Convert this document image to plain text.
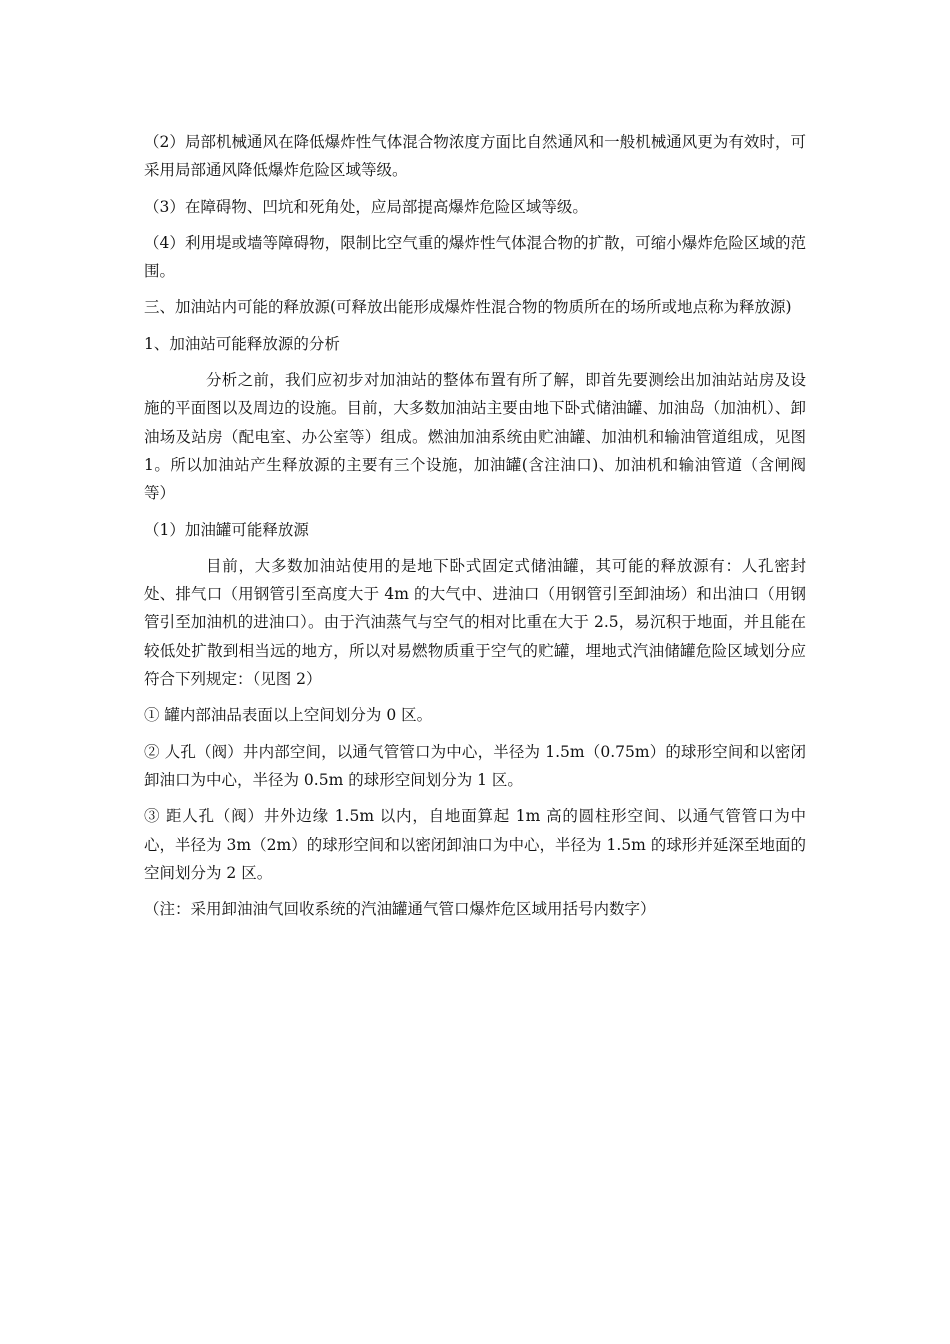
（2）局部机械通风在降低爆炸性气体混合物浓度方面比自然通风和一般机械通风更为有效时，可采用局部通风降低爆炸危险区域等级。

（3）在障碍物、凹坑和死角处，应局部提高爆炸危险区域等级。

（4）利用堤或墙等障碍物，限制比空气重的爆炸性气体混合物的扩散，可缩小爆炸危险区域的范围。

三、加油站内可能的释放源(可释放出能形成爆炸性混合物的物质所在的场所或地点称为释放源)

1、加油站可能释放源的分析

分析之前，我们应初步对加油站的整体布置有所了解，即首先要测绘出加油站站房及设施的平面图以及周边的设施。目前，大多数加油站主要由地下卧式储油罐、加油岛（加油机）、卸油场及站房（配电室、办公室等）组成。燃油加油系统由贮油罐、加油机和输油管道组成，见图 1。所以加油站产生释放源的主要有三个设施，加油罐(含注油口)、加油机和输油管道（含闸阀等）

（1）加油罐可能释放源

目前，大多数加油站使用的是地下卧式固定式储油罐，其可能的释放源有：人孔密封处、排气口（用钢管引至高度大于 4m 的大气中、进油口（用钢管引至卸油场）和出油口（用钢管引至加油机的进油口）。由于汽油蒸气与空气的相对比重在大于 2.5，易沉积于地面，并且能在较低处扩散到相当远的地方，所以对易燃物质重于空气的贮罐，埋地式汽油储罐危险区域划分应符合下列规定：（见图 2）

① 罐内部油品表面以上空间划分为 0 区。

② 人孔（阀）井内部空间，以通气管管口为中心，半径为 1.5m（0.75m）的球形空间和以密闭卸油口为中心，半径为 0.5m 的球形空间划分为 1 区。

③ 距人孔（阀）井外边缘 1.5m 以内，自地面算起 1m 高的圆柱形空间、以通气管管口为中心，半径为 3m（2m）的球形空间和以密闭卸油口为中心，半径为 1.5m 的球形并延深至地面的空间划分为 2 区。

（注：采用卸油油气回收系统的汽油罐通气管口爆炸危区域用括号内数字）
